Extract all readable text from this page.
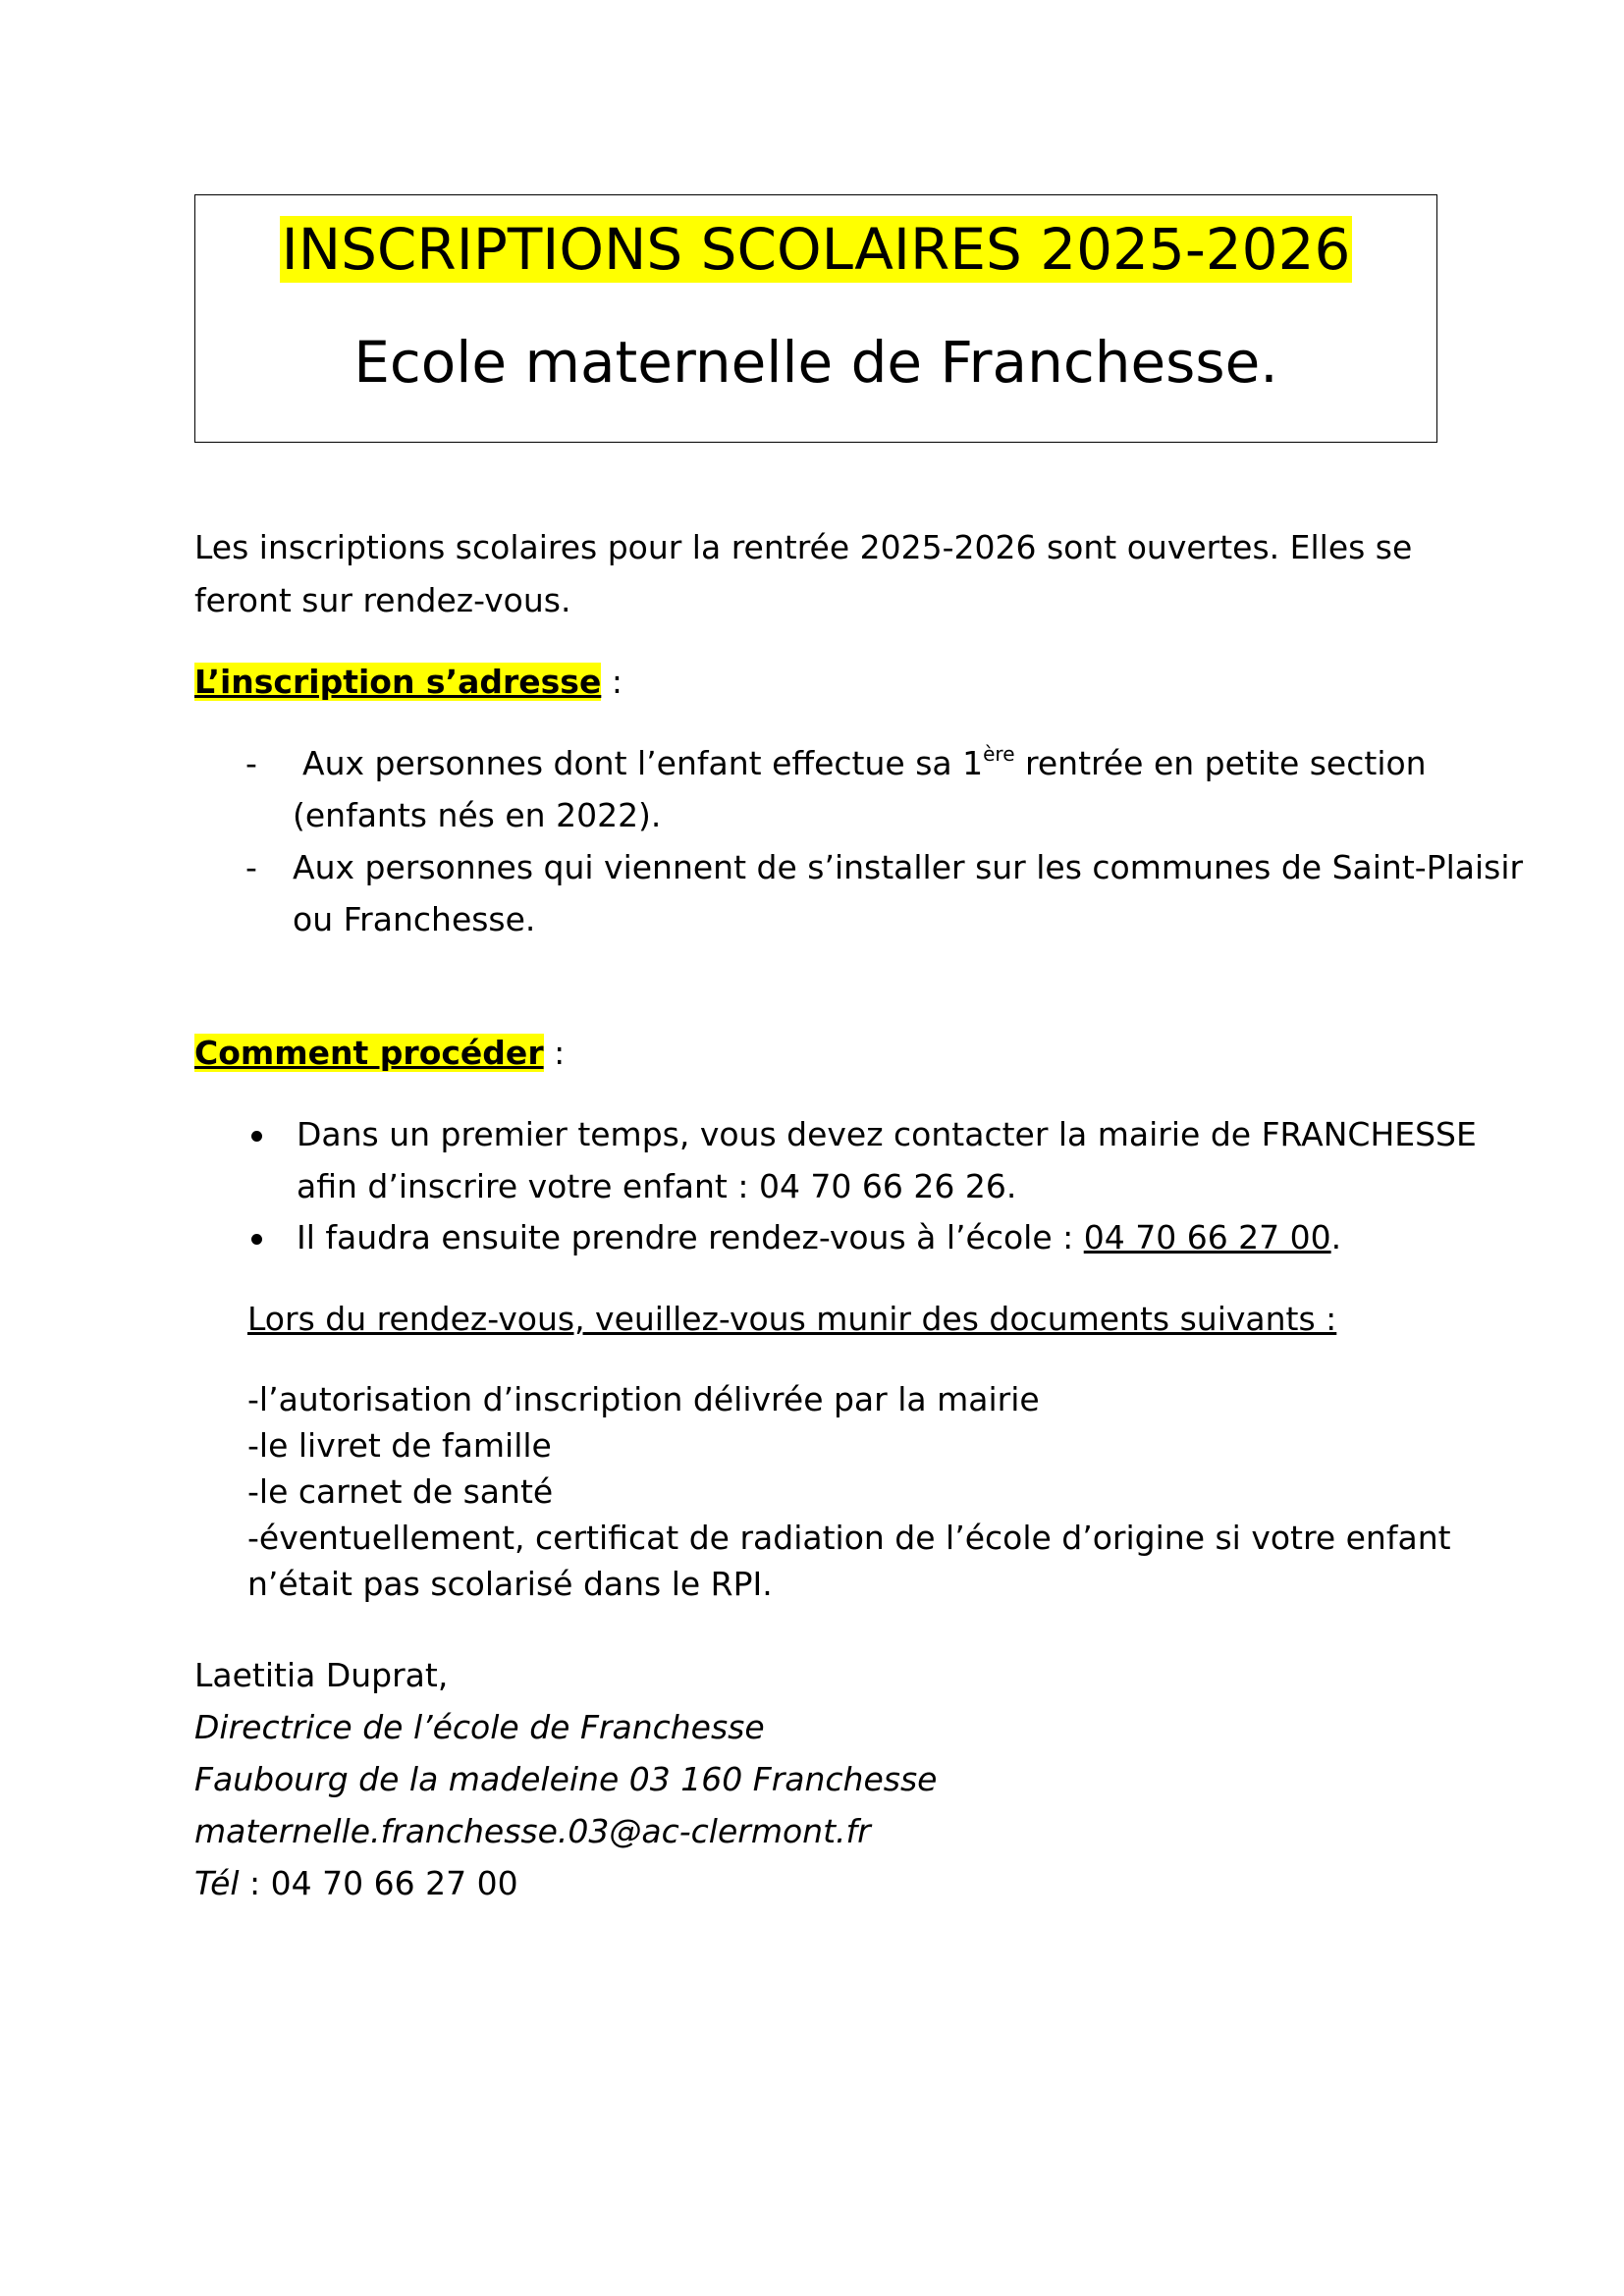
INSCRIPTIONS SCOLAIRES 2025-2026
Ecole maternelle de Franchesse.
Les inscriptions scolaires pour la rentrée 2025-2026 sont ouvertes. Elles se
feront sur rendez-vous.
L’inscription s’adresse :
- Aux personnes dont l’enfant effectue sa 1ère rentrée en petite section
(enfants nés en 2022).
- Aux personnes qui viennent de s’installer sur les communes de Saint-Plaisir
ou Franchesse.
Comment procéder :
Dans un premier temps, vous devez contacter la mairie de FRANCHESSE
afin d’inscrire votre enfant : 04 70 66 26 26.
Il faudra ensuite prendre rendez-vous à l’école : 04 70 66 27 00.
Lors du rendez-vous, veuillez-vous munir des documents suivants :
-l’autorisation d’inscription délivrée par la mairie
-le livret de famille
-le carnet de santé
-éventuellement, certificat de radiation de l’école d’origine si votre enfant
n’était pas scolarisé dans le RPI.
Laetitia Duprat,
Directrice de l’école de Franchesse
Faubourg de la madeleine 03 160 Franchesse
maternelle.franchesse.03@ac-clermont.fr
Tél : 04 70 66 27 00
